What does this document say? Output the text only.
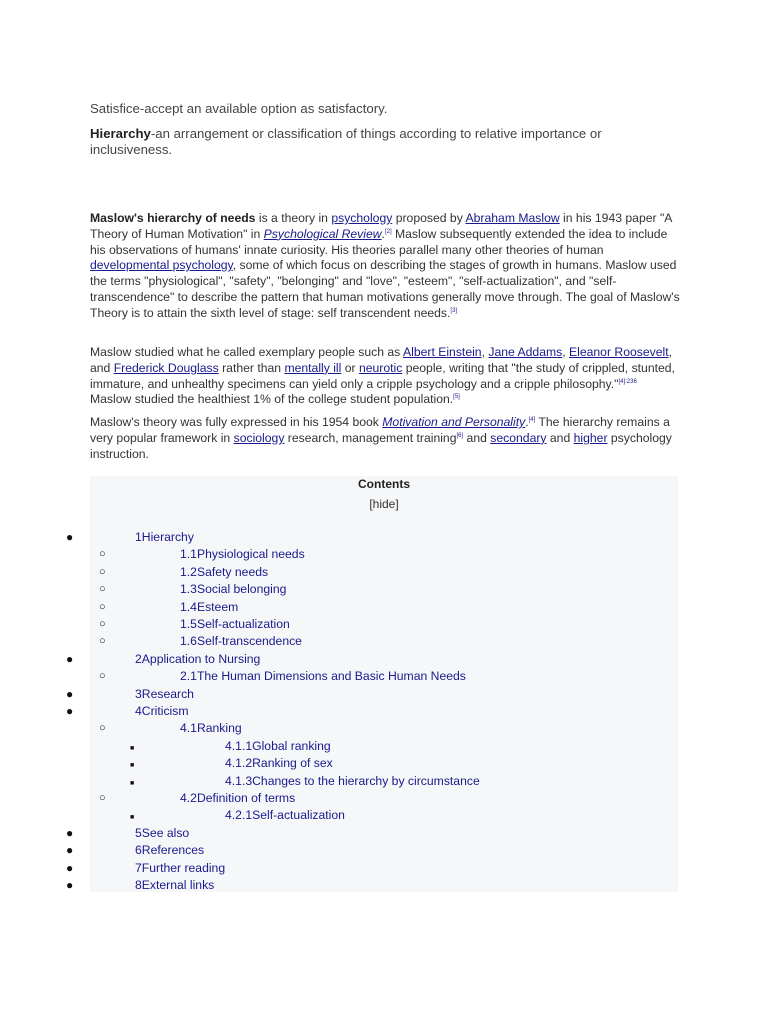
Satisfice-accept an available option as satisfactory.
Hierarchy-an arrangement or classification of things according to relative importance or inclusiveness.
Maslow's hierarchy of needs is a theory in psychology proposed by Abraham Maslow in his 1943 paper "A Theory of Human Motivation" in Psychological Review.[2] Maslow subsequently extended the idea to include his observations of humans' innate curiosity. His theories parallel many other theories of human developmental psychology, some of which focus on describing the stages of growth in humans. Maslow used the terms "physiological", "safety", "belonging" and "love", "esteem", "self-actualization", and "self-transcendence" to describe the pattern that human motivations generally move through. The goal of Maslow's Theory is to attain the sixth level of stage: self transcendent needs.[3]
Maslow studied what he called exemplary people such as Albert Einstein, Jane Addams, Eleanor Roosevelt, and Frederick Douglass rather than mentally ill or neurotic people, writing that "the study of crippled, stunted, immature, and unhealthy specimens can yield only a cripple psychology and a cripple philosophy."$^{[4]:236}$ Maslow studied the healthiest 1% of the college student population.[5]
Maslow's theory was fully expressed in his 1954 book Motivation and Personality.[4] The hierarchy remains a very popular framework in sociology research, management training[6] and secondary and higher psychology instruction.
Contents
[hide]
●	1Hierarchy
○	1.1Physiological needs
○	1.2Safety needs
○	1.3Social belonging
○	1.4Esteem
○	1.5Self-actualization
○	1.6Self-transcendence
●	2Application to Nursing
○	2.1The Human Dimensions and Basic Human Needs
●	3Research
●	4Criticism
○	4.1Ranking
■	4.1.1Global ranking
■	4.1.2Ranking of sex
■	4.1.3Changes to the hierarchy by circumstance
○	4.2Definition of terms
■	4.2.1Self-actualization
●	5See also
●	6References
●	7Further reading
●	8External links
